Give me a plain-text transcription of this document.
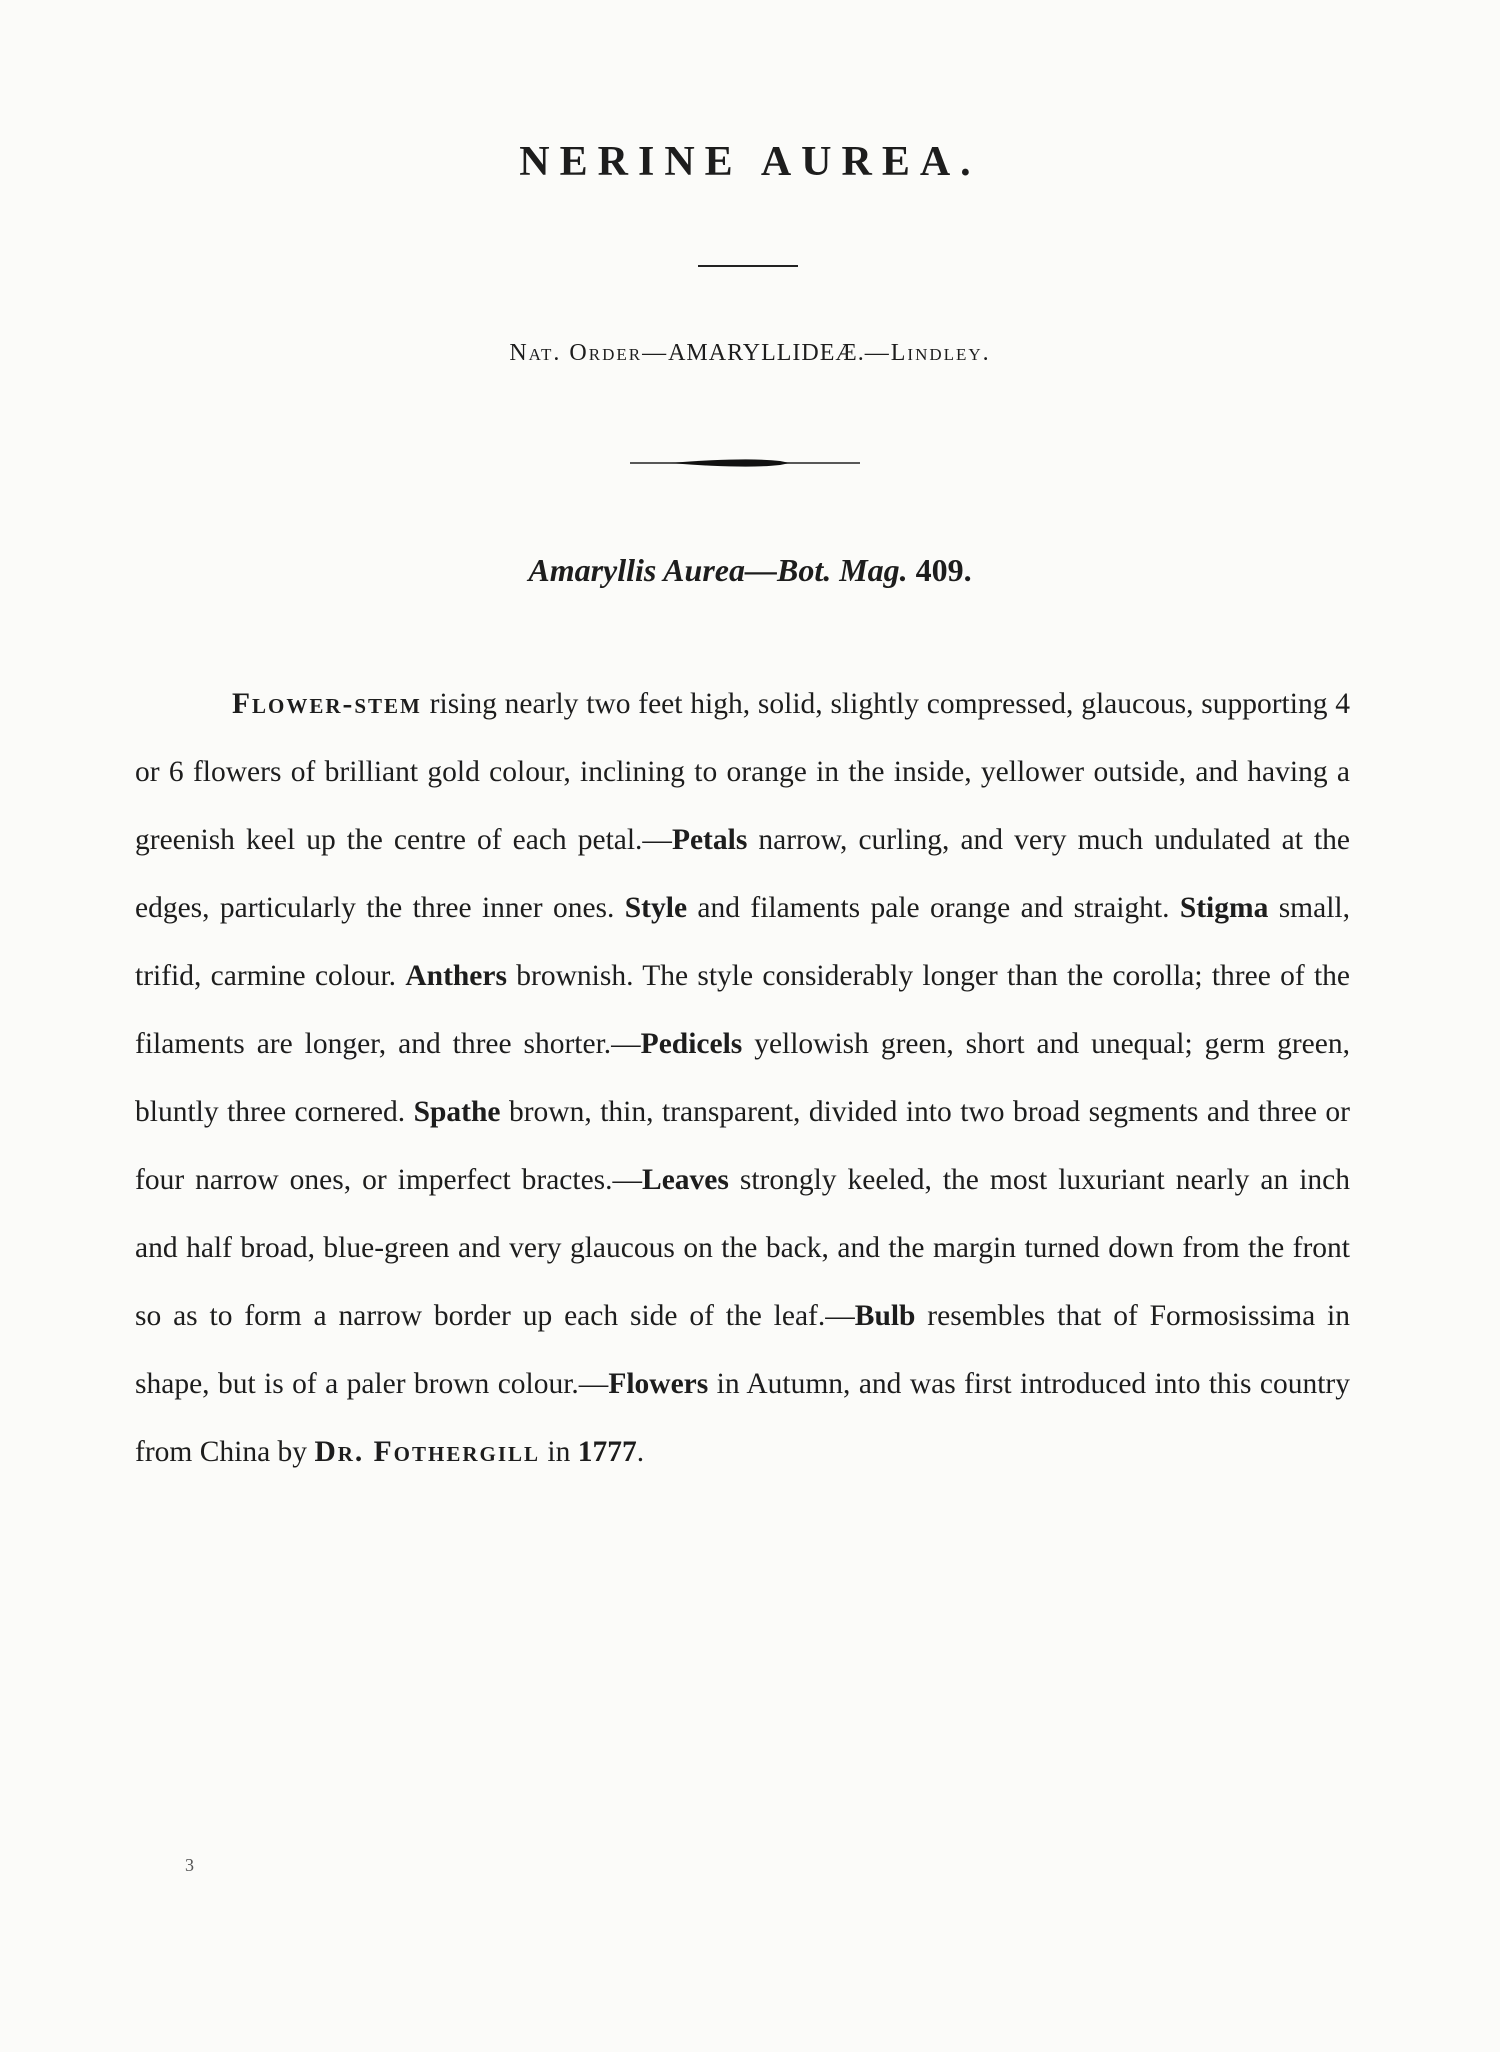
NERINE AUREA.
Nat. Order—AMARYLLIDEÆ.—Lindley.
Amaryllis Aurea—Bot. Mag. 409.

Flower-stem rising nearly two feet high, solid, slightly compressed, glaucous, supporting 4 or 6 flowers of brilliant gold colour, inclining to orange in the inside, yellower outside, and having a greenish keel up the centre of each petal.—Petals narrow, curling, and very much undulated at the edges, particularly the three inner ones. Style and filaments pale orange and straight. Stigma small, trifid, carmine colour. Anthers brownish. The style considerably longer than the corolla; three of the filaments are longer, and three shorter.—Pedicels yellowish green, short and unequal; germ green, bluntly three cornered. Spathe brown, thin, transparent, divided into two broad segments and three or four narrow ones, or imperfect bractes.—Leaves strongly keeled, the most luxuriant nearly an inch and half broad, blue-green and very glaucous on the back, and the margin turned down from the front so as to form a narrow border up each side of the leaf.—Bulb resembles that of Formosissima in shape, but is of a paler brown colour.—Flowers in Autumn, and was first introduced into this country from China by Dr. Fothergill in 1777.

3
